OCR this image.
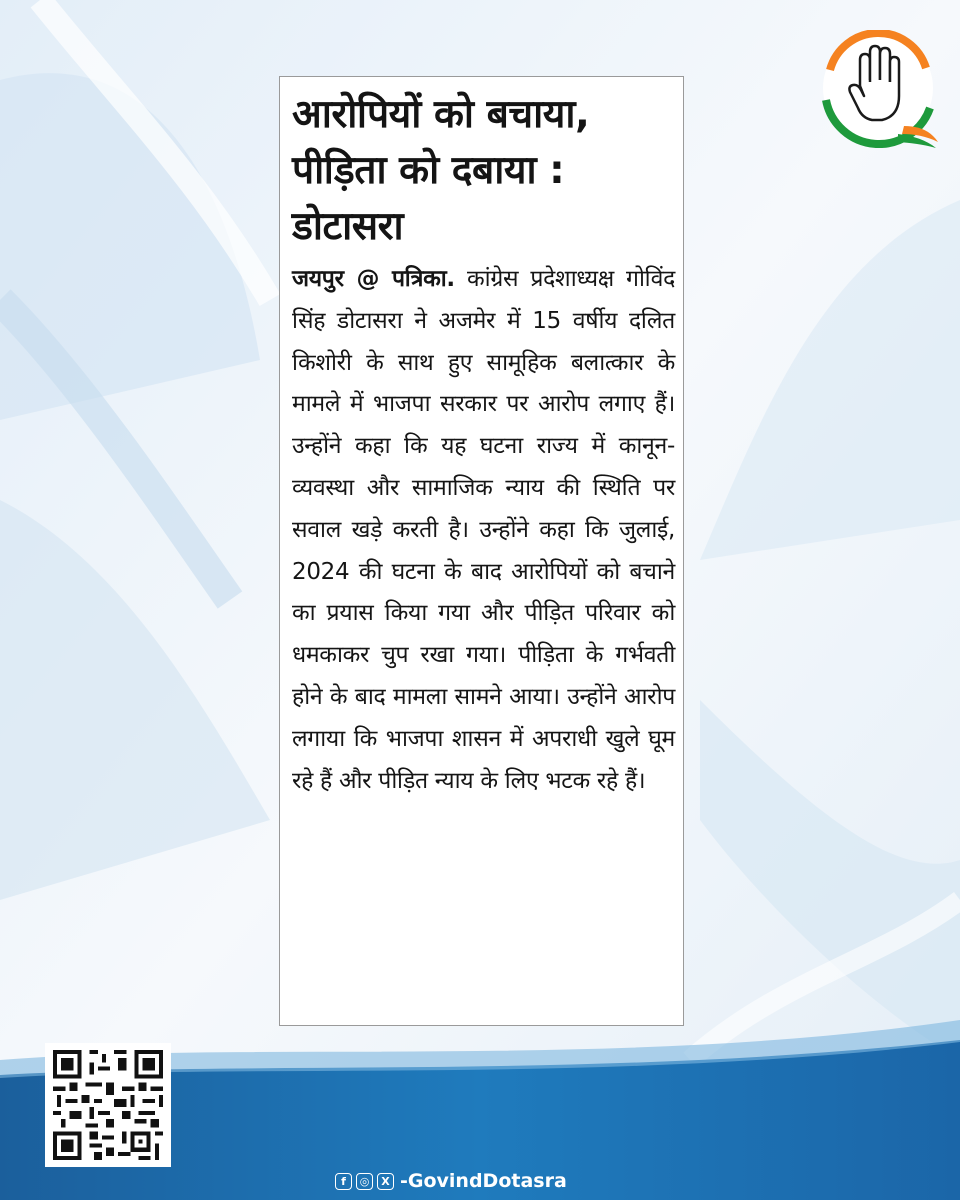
आरोपियों को बचाया, पीड़िता को दबाया : डोटासरा

जयपुर @ पत्रिका. कांग्रेस प्रदेशाध्यक्ष गोविंद सिंह डोटासरा ने अजमेर में 15 वर्षीय दलित किशोरी के साथ हुए सामूहिक बलात्कार के मामले में भाजपा सरकार पर आरोप लगाए हैं। उन्होंने कहा कि यह घटना राज्य में कानून-व्यवस्था और सामाजिक न्याय की स्थिति पर सवाल खड़े करती है। उन्होंने कहा कि जुलाई, 2024 की घटना के बाद आरोपियों को बचाने का प्रयास किया गया और पीड़ित परिवार को धमकाकर चुप रखा गया। पीड़िता के गर्भवती होने के बाद मामला सामने आया। उन्होंने आरोप लगाया कि भाजपा शासन में अपराधी खुले घूम रहे हैं और पीड़ित न्याय के लिए भटक रहे हैं।

f	◎	X -GovindDotasra
